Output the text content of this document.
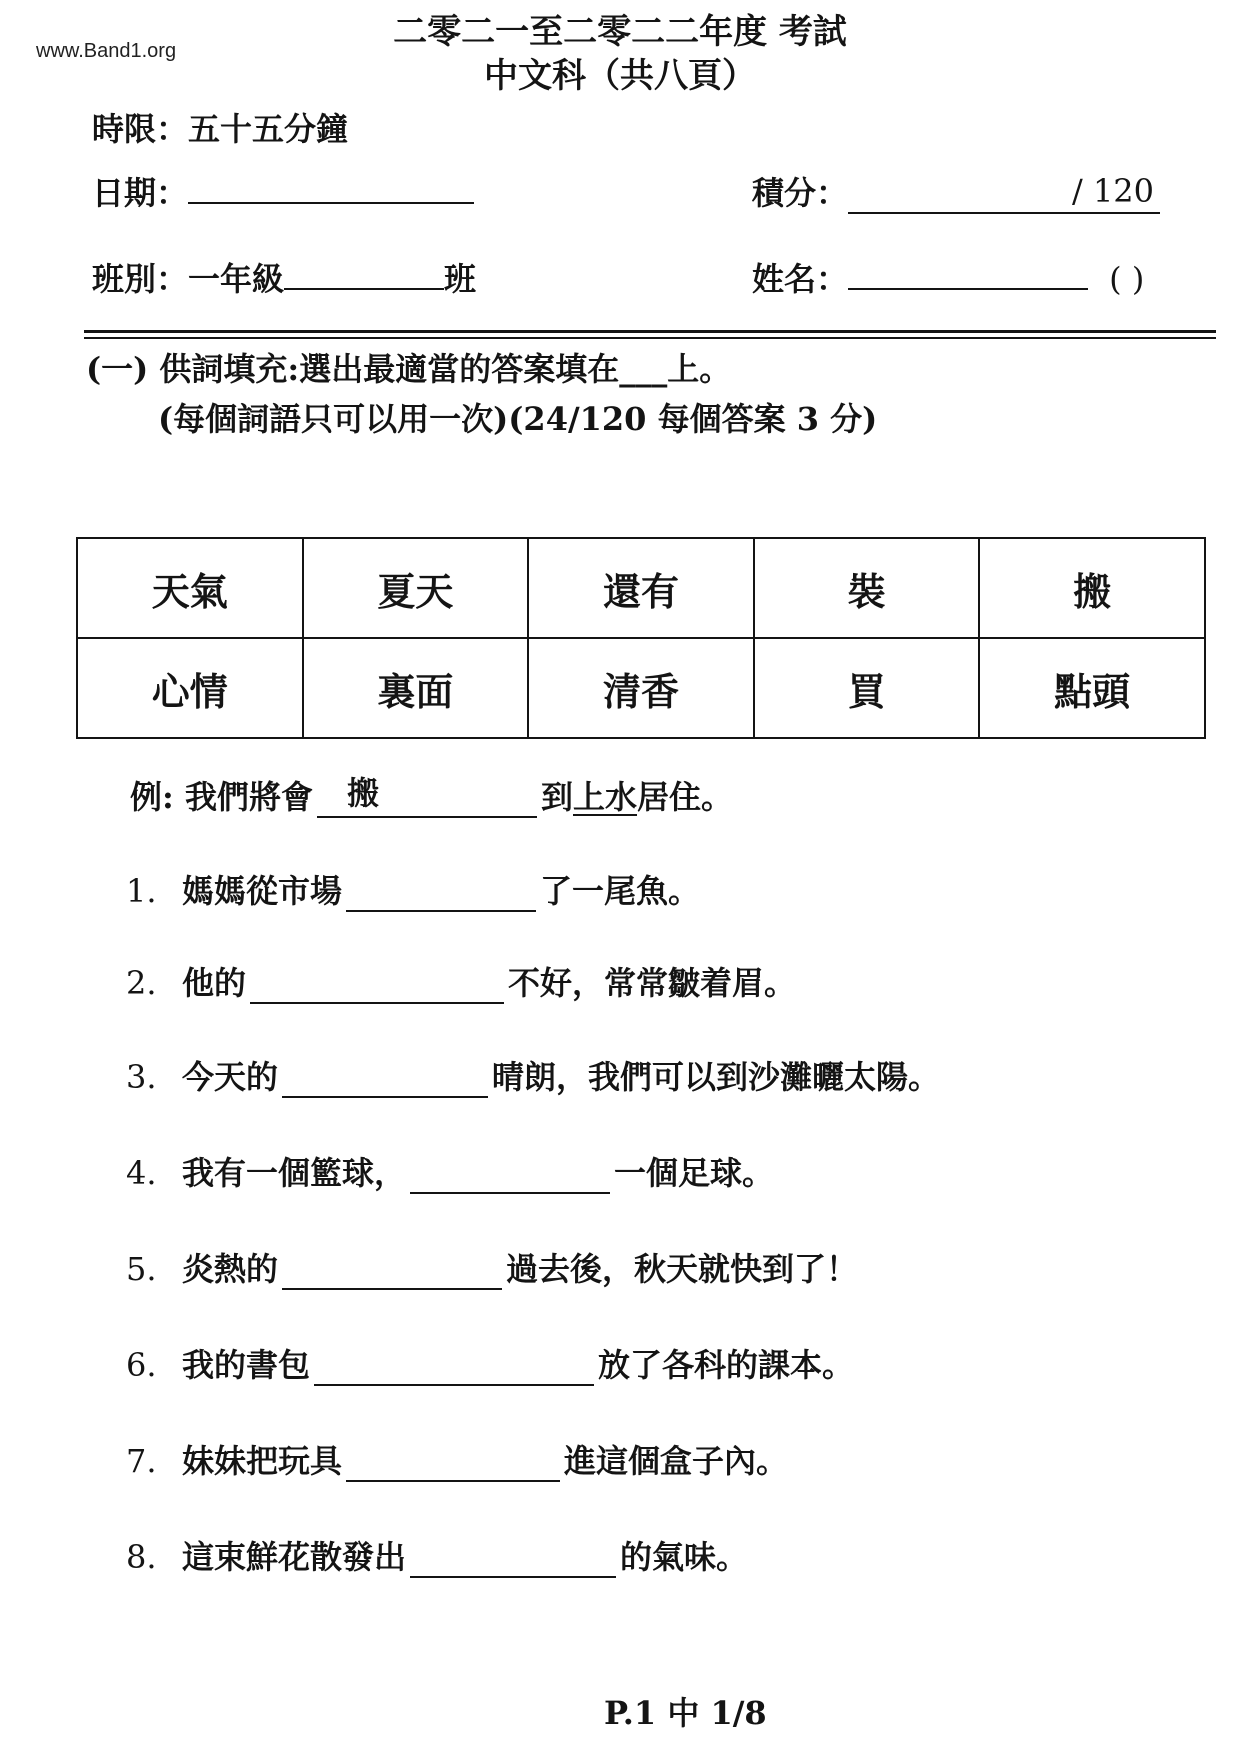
www.Band1.org	二零二一至二零二二年度 考試
中文科（共八頁）
時限：五十五分鐘
日期：	積分：	/ 120
班別：一年級	班	姓名：	( )
(一) 供詞填充:選出最適當的答案填在___上。
(每個詞語只可以用一次)(24/120 每個答案 3 分)
天氣	夏天	還有	裝	搬
心情	裏面	清香	買	點頭
例: 我們將會 搬	到上水居住。
1. 媽媽從市場	了一尾魚。
2. 他的	不好，常常皺着眉。
3. 今天的	晴朗，我們可以到沙灘曬太陽。
4. 我有一個籃球，	一個足球。
5. 炎熱的	過去後，秋天就快到了！
6. 我的書包	放了各科的課本。
7. 妹妹把玩具	進這個盒子內。
8. 這束鮮花散發出	的氣味。
P.1 中 1/8
